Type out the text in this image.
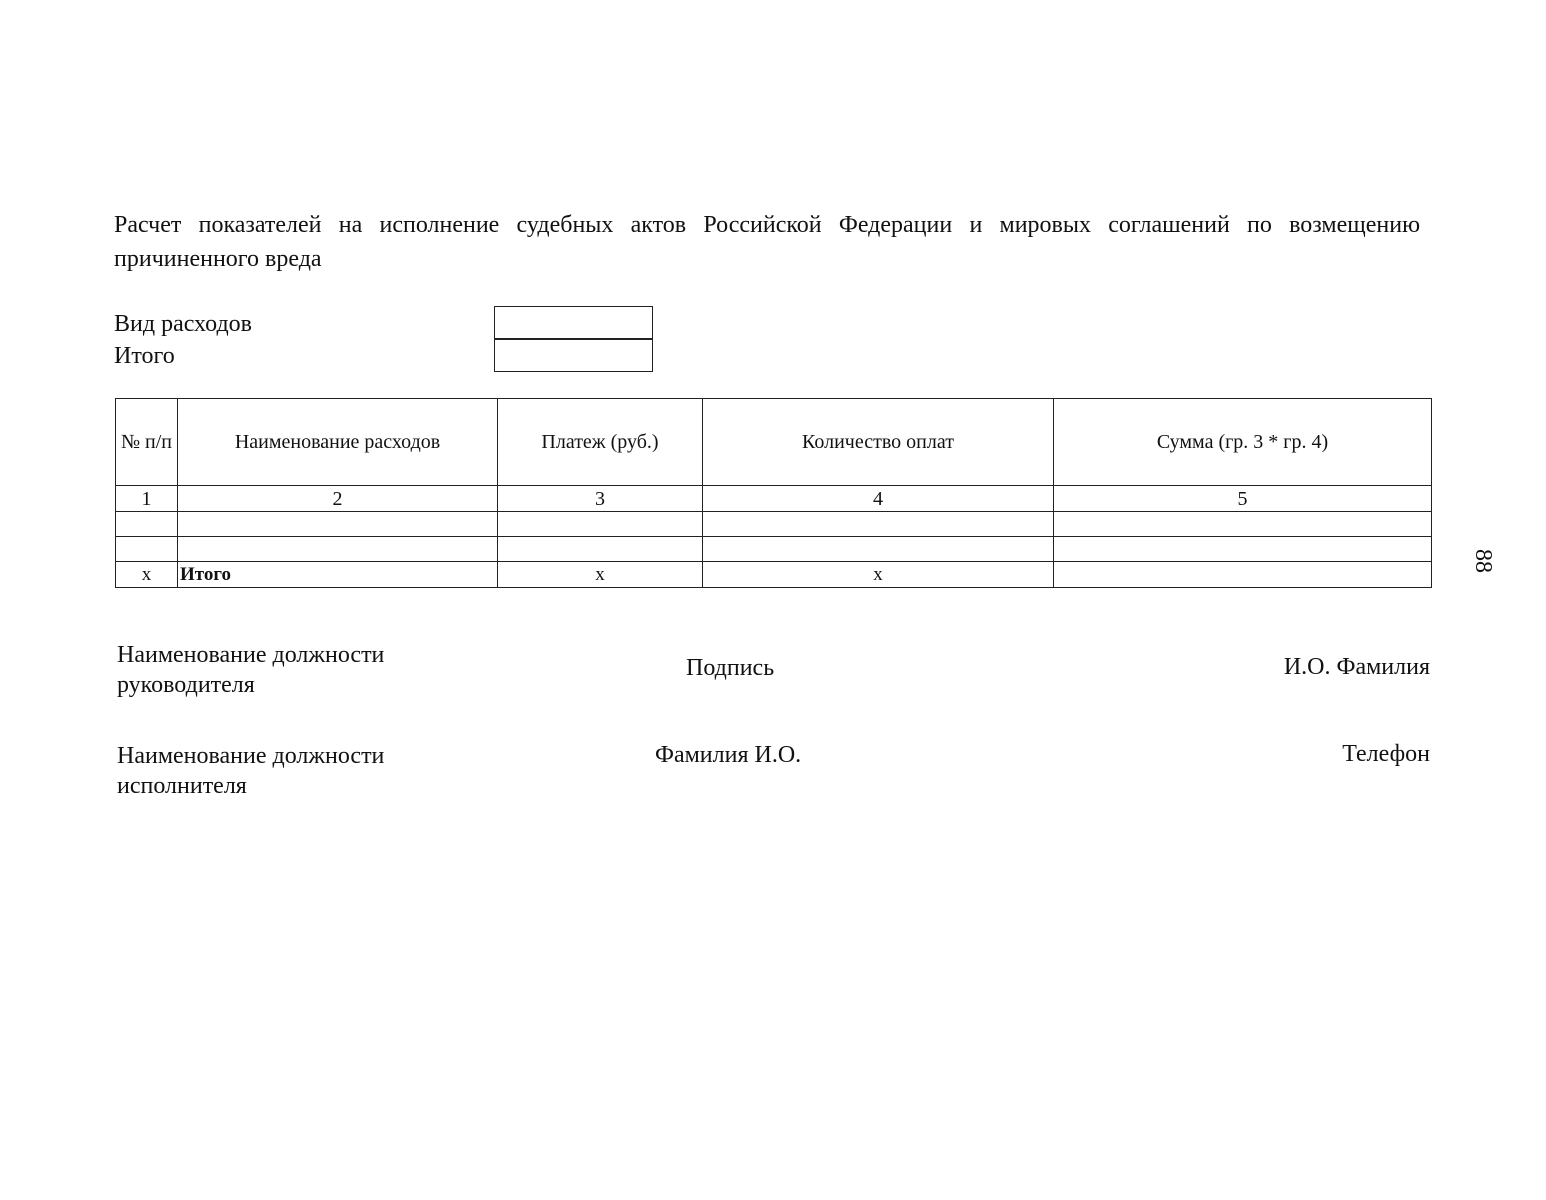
Расчет показателей на исполнение судебных актов Российской Федерации и мировых соглашений по возмещению причиненного вреда
Вид расходов
Итого
№ п/п	Наименование расходов	Платеж (руб.)	Количество оплат	Сумма (гр. 3 * гр. 4)
1	2	3	4	5

x	Итого	x	x	
88
Наименование должности руководителя
Подпись	И.О. Фамилия
Наименование должности исполнителя
Фамилия И.О.	Телефон
